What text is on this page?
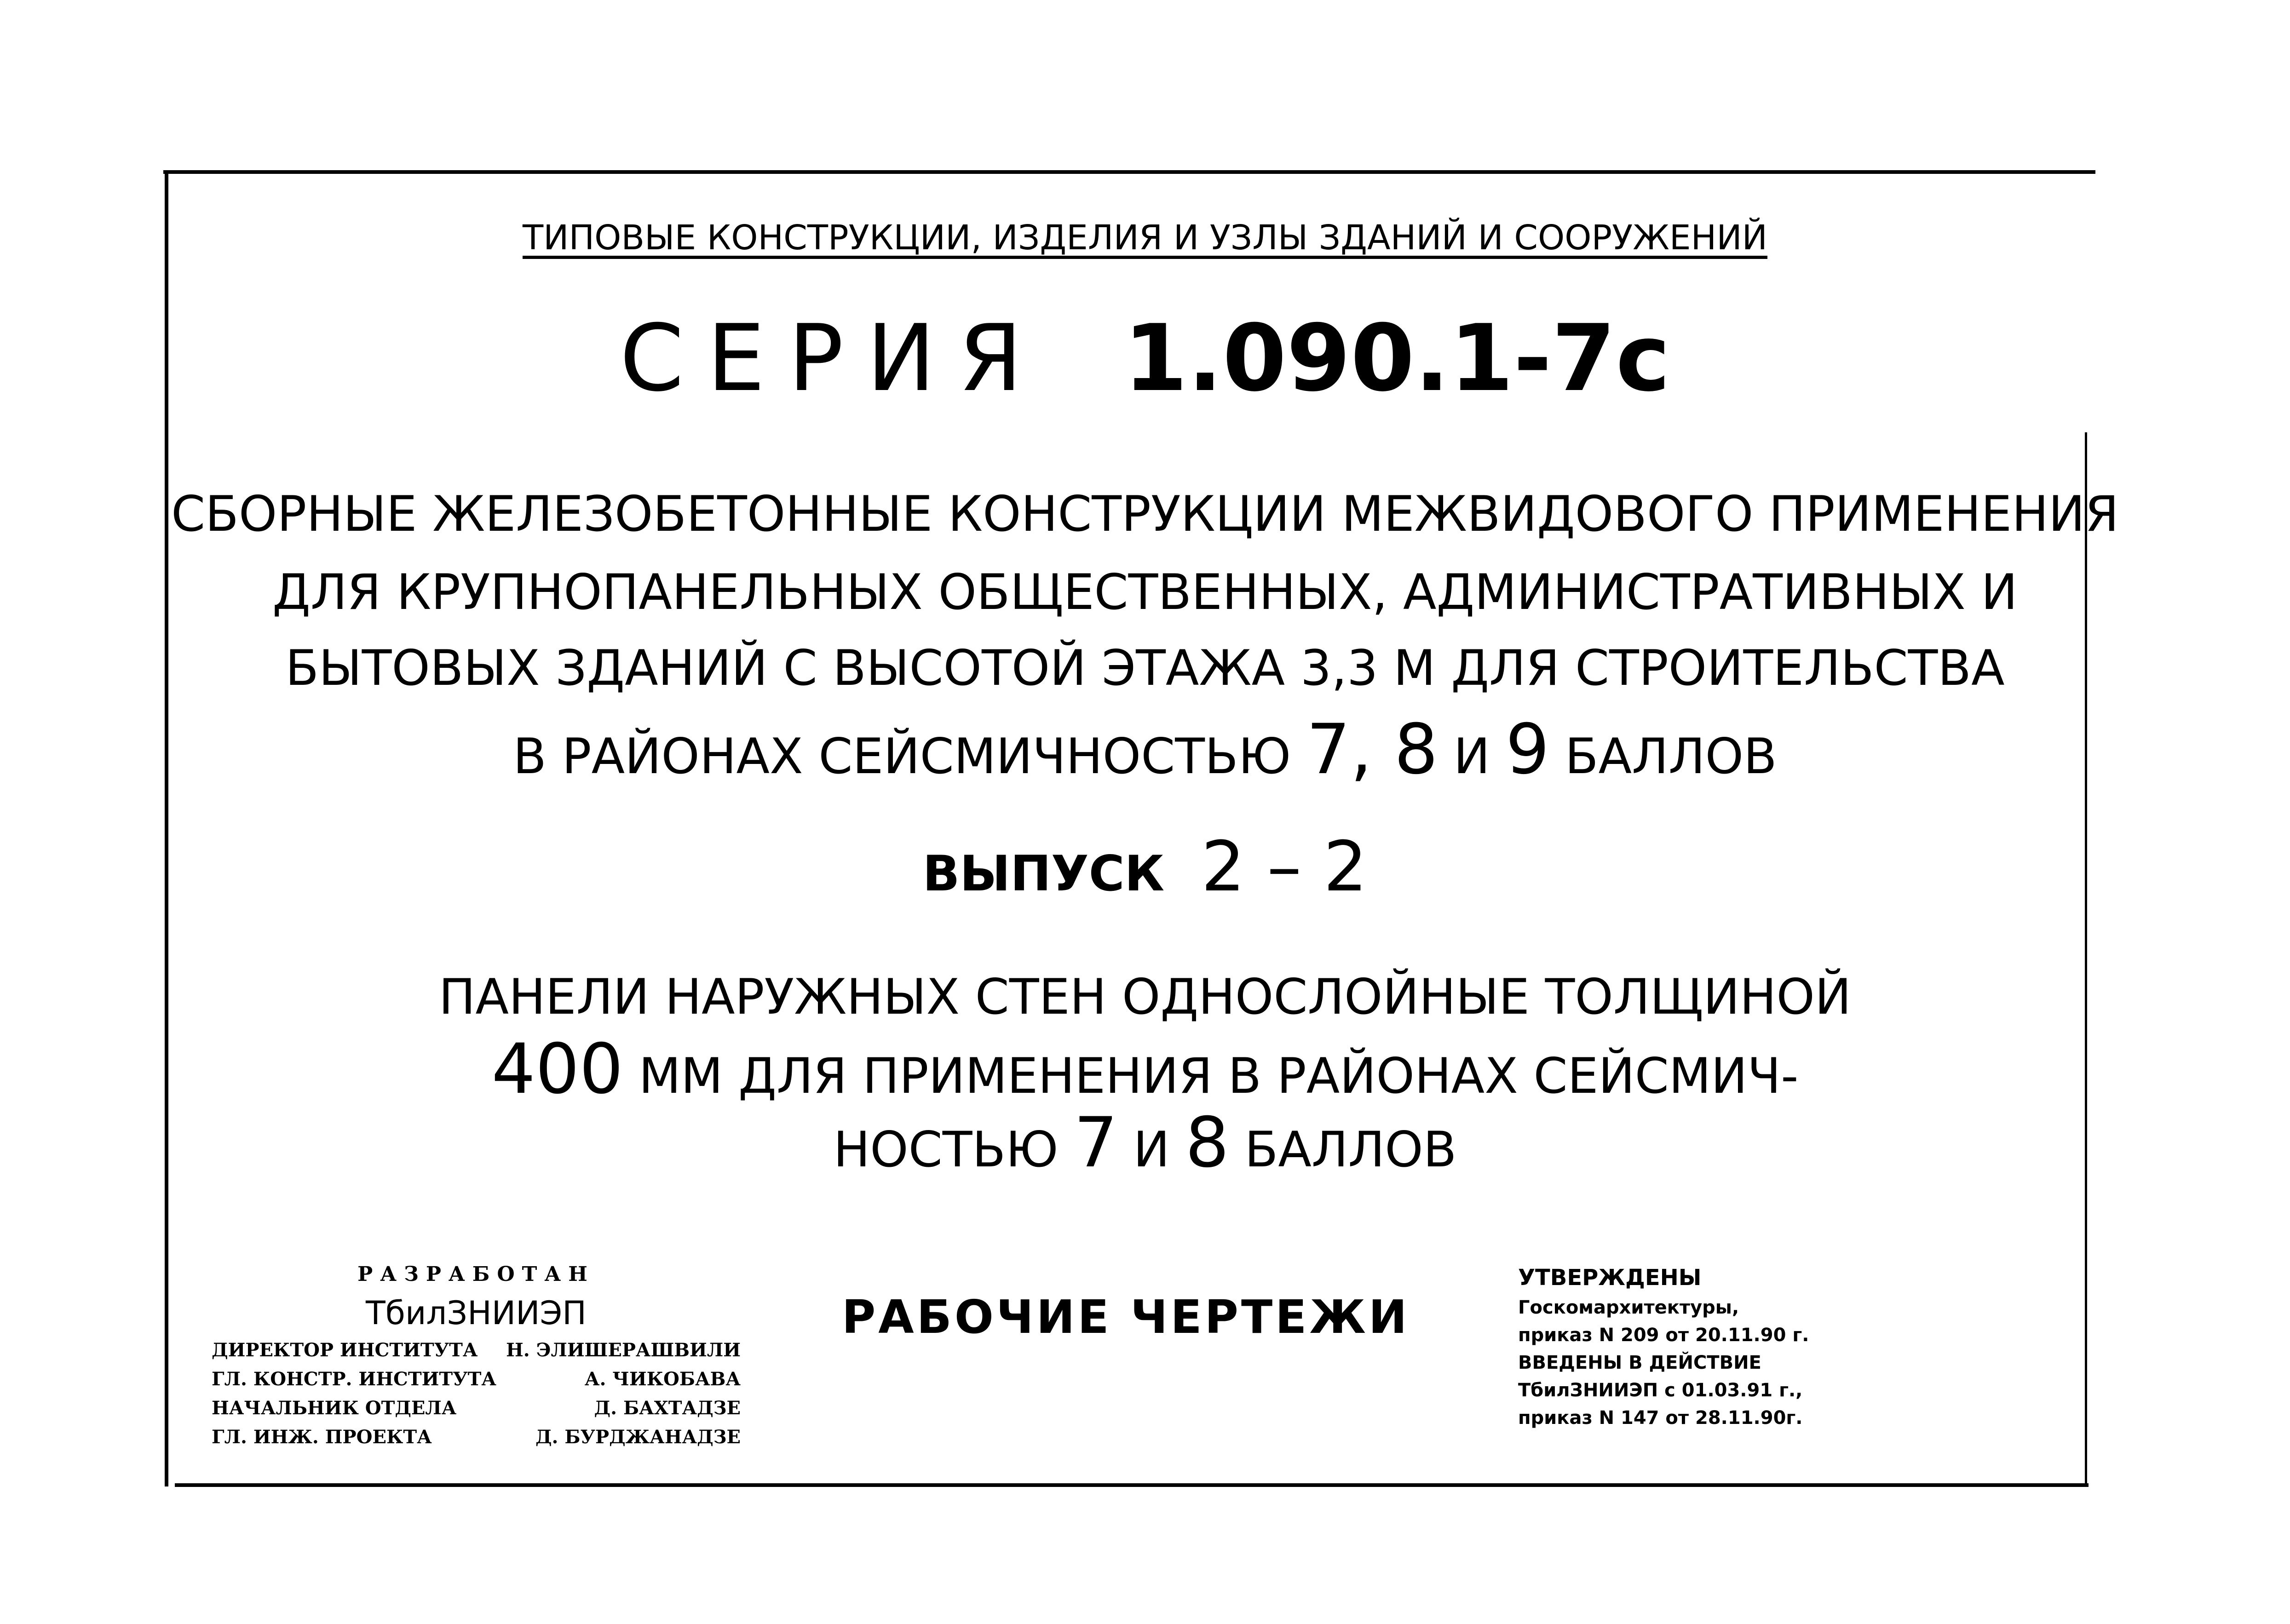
ТИПОВЫЕ КОНСТРУКЦИИ, ИЗДЕЛИЯ И УЗЛЫ ЗДАНИЙ И СООРУЖЕНИЙ
СЕРИЯ 1.090.1-7с
СБОРНЫЕ ЖЕЛЕЗОБЕТОННЫЕ КОНСТРУКЦИИ МЕЖВИДОВОГО ПРИМЕНЕНИЯ
ДЛЯ КРУПНОПАНЕЛЬНЫХ ОБЩЕСТВЕННЫХ, АДМИНИСТРАТИВНЫХ И
БЫТОВЫХ ЗДАНИЙ С ВЫСОТОЙ ЭТАЖА 3,3 М ДЛЯ СТРОИТЕЛЬСТВА
В РАЙОНАХ СЕЙСМИЧНОСТЬЮ 7, 8 И 9 БАЛЛОВ
ВЫПУСК 2 – 2
ПАНЕЛИ НАРУЖНЫХ СТЕН ОДНОСЛОЙНЫЕ ТОЛЩИНОЙ
400 ММ ДЛЯ ПРИМЕНЕНИЯ В РАЙОНАХ СЕЙСМИЧ-
НОСТЬЮ 7 И 8 БАЛЛОВ
РАЗРАБОТАН
ТбилЗНИИЭП
ДИРЕКТОР ИНСТИТУТА Н. ЭЛИШЕРАШВИЛИ
ГЛ. КОНСТР. ИНСТИТУТА	А. ЧИКОБАВА
НАЧАЛЬНИК ОТДЕЛА	Д. БАХТАДЗЕ
ГЛ. ИНЖ. ПРОЕКТА	Д. БУРДЖАНАДЗЕ
РАБОЧИЕ ЧЕРТЕЖИ
УТВЕРЖДЕНЫ
Госкомархитектуры,
приказ N 209 от 20.11.90 г.
ВВЕДЕНЫ В ДЕЙСТВИЕ
ТбилЗНИИЭП с 01.03.91 г.,
приказ N 147 от 28.11.90г.
